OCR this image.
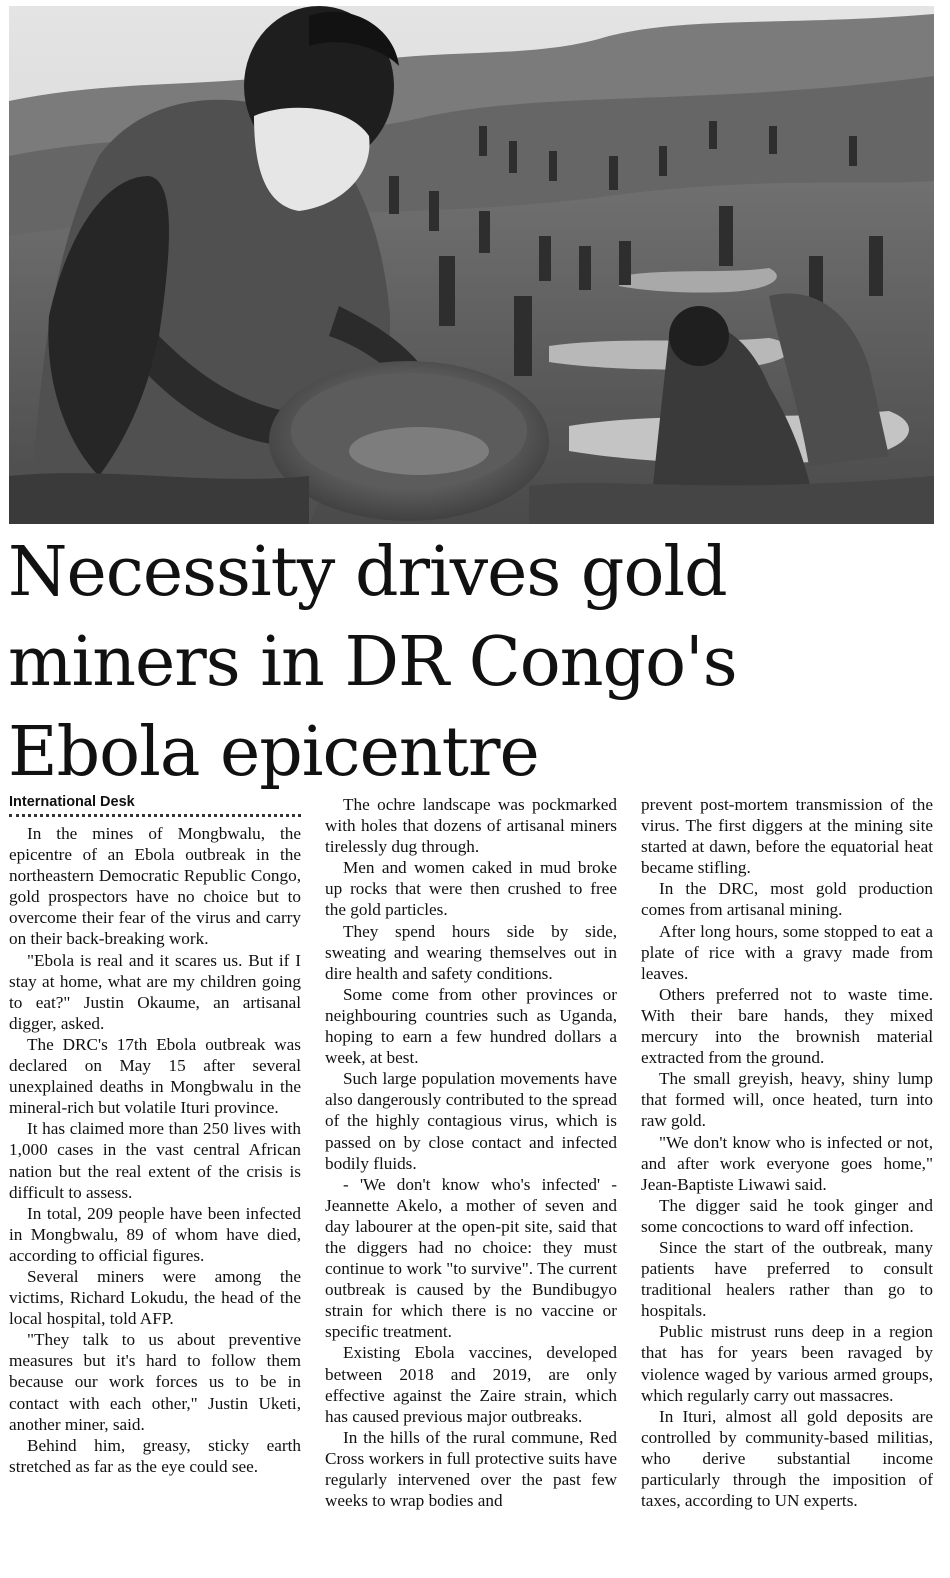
Necessity drives gold
miners in DR Congo's
Ebola epicentre
International Desk

In the mines of Mongbwalu, the epicentre of an Ebola outbreak in the northeastern Democratic Republic Congo, gold prospectors have no choice but to overcome their fear of the virus and carry on their back-breaking work.

"Ebola is real and it scares us. But if I stay at home, what are my children going to eat?" Justin Okaume, an artisanal digger, asked.

The DRC's 17th Ebola outbreak was declared on May 15 after several unexplained deaths in Mongbwalu in the mineral-rich but volatile Ituri province.

It has claimed more than 250 lives with 1,000 cases in the vast central African nation but the real extent of the crisis is difficult to assess.

In total, 209 people have been infected in Mongbwalu, 89 of whom have died, according to official figures.

Several miners were among the victims, Richard Lokudu, the head of the local hospital, told AFP.

"They talk to us about preventive measures but it's hard to follow them because our work forces us to be in contact with each other," Justin Uketi, another miner, said.

Behind him, greasy, sticky earth stretched as far as the eye could see.

The ochre landscape was pockmarked with holes that dozens of artisanal miners tirelessly dug through.

Men and women caked in mud broke up rocks that were then crushed to free the gold particles.

They spend hours side by side, sweating and wearing themselves out in dire health and safety conditions.

Some come from other provinces or neighbouring countries such as Uganda, hoping to earn a few hundred dollars a week, at best.

Such large population movements have also dangerously contributed to the spread of the highly contagious virus, which is passed on by close contact and infected bodily fluids.

- 'We don't know who's infected' - Jeannette Akelo, a mother of seven and day labourer at the open-pit site, said that the diggers had no choice: they must continue to work "to survive". The current outbreak is caused by the Bundibugyo strain for which there is no vaccine or specific treatment.

Existing Ebola vaccines, developed between 2018 and 2019, are only effective against the Zaire strain, which has caused previous major outbreaks.

In the hills of the rural commune, Red Cross workers in full protective suits have regularly intervened over the past few weeks to wrap bodies and

prevent post-mortem transmission of the virus. The first diggers at the mining site started at dawn, before the equatorial heat became stifling.

In the DRC, most gold production comes from artisanal mining.

After long hours, some stopped to eat a plate of rice with a gravy made from leaves.

Others preferred not to waste time. With their bare hands, they mixed mercury into the brownish material extracted from the ground.

The small greyish, heavy, shiny lump that formed will, once heated, turn into raw gold.

"We don't know who is infected or not, and after work everyone goes home," Jean-Baptiste Liwawi said.

The digger said he took ginger and some concoctions to ward off infection.

Since the start of the outbreak, many patients have preferred to consult traditional healers rather than go to hospitals.

Public mistrust runs deep in a region that has for years been ravaged by violence waged by various armed groups, which regularly carry out massacres.

In Ituri, almost all gold deposits are controlled by community-based militias, who derive substantial income particularly through the imposition of taxes, according to UN experts.
